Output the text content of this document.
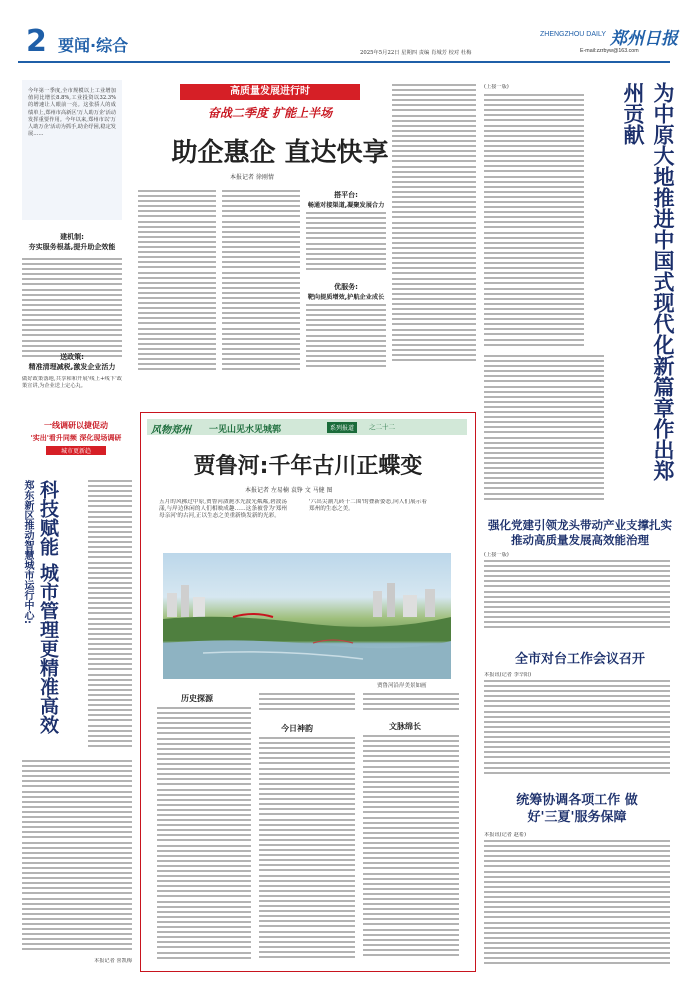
2 要闻·综合
ZHENGZHOU DAILY 郑州日报
2025年5月22日 星期四 责编 肖城芳 校对 杜梅	E-mail:zzrbyw@163.com
今年第一季度,全市规模以上工业增加值同比增长8.8%,工业投资以32.3%的增速让人眼前一亮。这张骄人的成绩单上,郑州市高新区'万人助万企'活动发挥重要作用。今年以来,郑州市以'万人助万企'活动为抓手,助企纾困,稳定发展……
建机制:
夯实服务根基,提升助企效能
送政策:
精准清理减税,激发企业活力
做好政策落地,共享和和开展'线上+线下'政策宣讲,为企业送上定心丸。
高质量发展进行时
奋战二季度 扩能上半场
助企惠企 直达快享
本报记者 徐刚情
搭平台:
畅通对接渠道,凝聚发展合力
优服务:
靶向提质增效,护航企业成长
(上接一版)	为中原大地推进中国式现代化新篇章作出郑州贡献
强化党建引领龙头带动产业支撑扎实推动高质量发展高效能治理
(上接一版)
全市对台工作会议召开
本报讯(记者 李辛阳)
统筹协调各项工作 做好'三夏'服务保障
本报讯(记者 赵希)
一线调研以捷促动
'实出'看升同频 深化现场调研
城市更新趋
郑东新区推动智慧城市运行中心: 科技赋能 城市管理更精准高效
本报记者 喜凯梅
风物郑州 一见山见水见城郭	系列报道	之二十二
贾鲁河:千年古川正蝶变
本报记者 左易楠 袁铮 文 马健 图
五月的风拂过中原,贾鲁河潋滟水光波光粼粼,碧波荡漾,与岸边休闲的人们相映成趣……这条被誉为'郑州母亲河'的古河,正以生态之美重新焕发新的光彩。
'六出尖潮九砖十二围'的叠新姿态,向人们展示着郑州的生态之美。
贾鲁河沿岸美景如画
历史探源
今日神韵	文脉绵长
